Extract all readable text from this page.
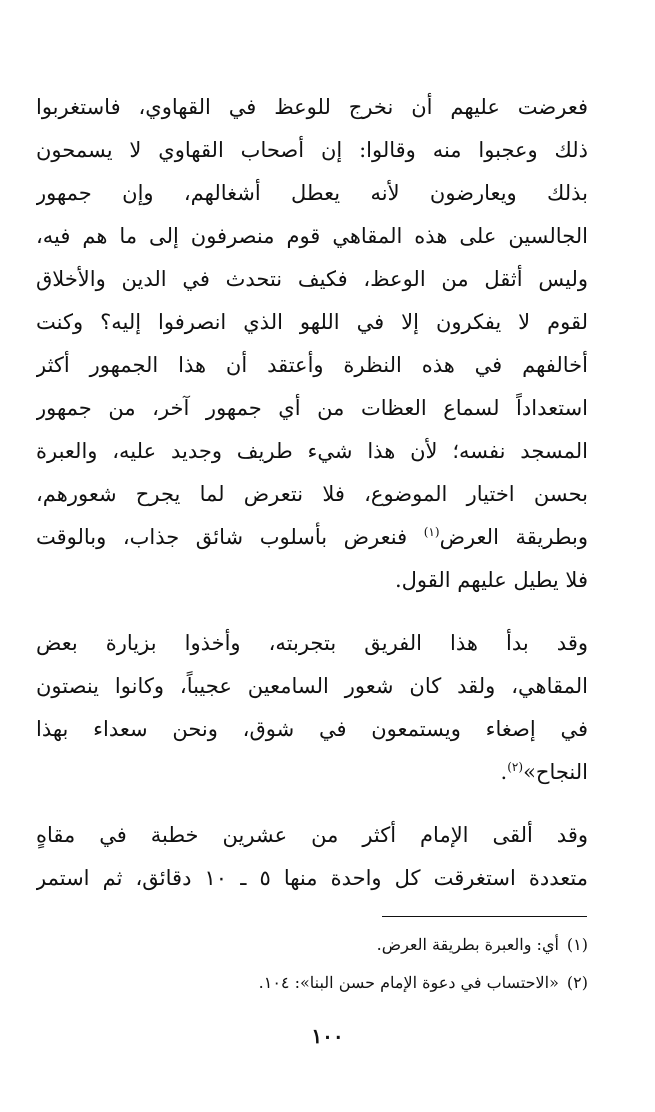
فعرضت عليهم أن نخرج للوعظ في القهاوي، فاستغربوا
ذلك وعجبوا منه وقالوا: إن أصحاب القهاوي لا يسمحون
بذلك ويعارضون لأنه يعطل أشغالهم، وإن جمهور
الجالسين على هذه المقاهي قوم منصرفون إلى ما هم فيه،
وليس أثقل من الوعظ، فكيف نتحدث في الدين والأخلاق
لقوم لا يفكرون إلا في اللهو الذي انصرفوا إليه؟ وكنت
أخالفهم في هذه النظرة وأعتقد أن هذا الجمهور أكثر
استعداداً لسماع العظات من أي جمهور آخر، من جمهور
المسجد نفسه؛ لأن هذا شيء طريف وجديد عليه، والعبرة
بحسن اختيار الموضوع، فلا نتعرض لما يجرح شعورهم،
وبطريقة العرض$^{(١)}$ فنعرض بأسلوب شائق جذاب، وبالوقت
فلا يطيل عليهم القول.
وقد بدأ هذا الفريق بتجربته، وأخذوا بزيارة بعض
المقاهي، ولقد كان شعور السامعين عجيباً، وكانوا ينصتون
في إصغاء ويستمعون في شوق، ونحن سعداء بهذا
النجاح»$^{(٢)}$.
وقد ألقى الإمام أكثر من عشرين خطبة في مقاهٍ
متعددة استغرقت كل واحدة منها ٥ ـ ١٠ دقائق، ثم استمر
(١)أي: والعبرة بطريقة العرض.
(٢)«الاحتساب في دعوة الإمام حسن البنا»: ١٠٤.
١٠٠
